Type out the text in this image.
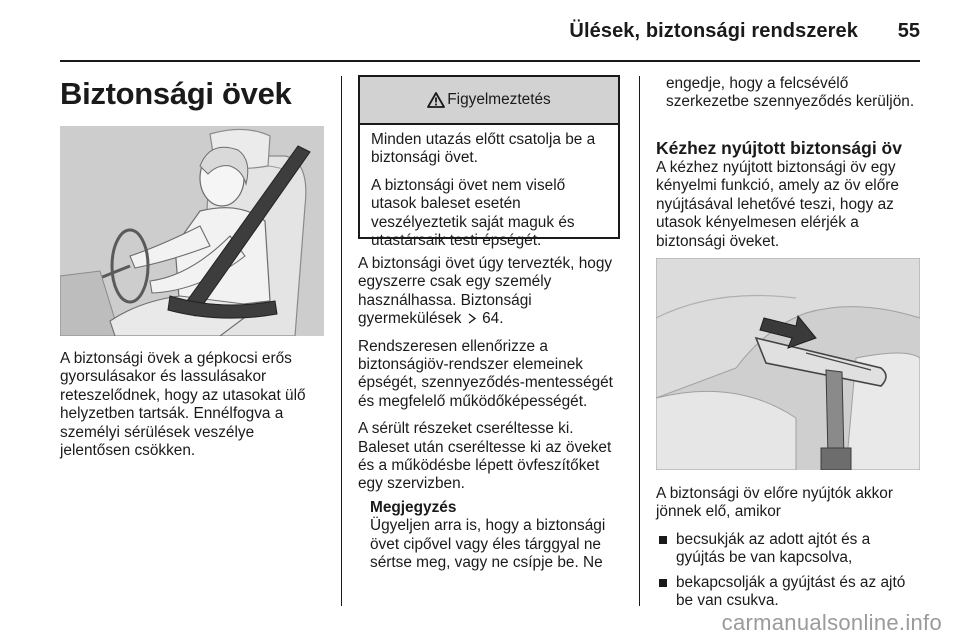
Ülések, biztonsági rendszerek 55
Biztonsági övek

A biztonsági övek a gépkocsi erős gyorsulásakor és lassulásakor reteszelődnek, hogy az utasokat ülő helyzetben tartsák. Ennélfogva a személyi sérülések veszélye jelentősen csökken.

Figyelmeztetés

Minden utazás előtt csatolja be a biztonsági övet.

A biztonsági övet nem viselő utasok baleset esetén veszélyeztetik saját maguk és utastársaik testi épségét.

A biztonsági övet úgy tervezték, hogy egyszerre csak egy személy használhassa. Biztonsági gyermekülések 64.

Rendszeresen ellenőrizze a biztonságiöv-rendszer elemeinek épségét, szennyeződés-mentességét és megfelelő működőképességét.

A sérült részeket cseréltesse ki. Baleset után cseréltesse ki az öveket és a működésbe lépett övfeszítőket egy szervizben.

Megjegyzés

Ügyeljen arra is, hogy a biztonsági övet cipővel vagy éles tárggyal ne sértse meg, vagy ne csípje be. Ne

engedje, hogy a felcsévélő szerkezetbe szennyeződés kerüljön.

Kézhez nyújtott biztonsági öv

A kézhez nyújtott biztonsági öv egy kényelmi funkció, amely az öv előre nyújtásával lehetővé teszi, hogy az utasok kényelmesen elérjék a biztonsági öveket.

A biztonsági öv előre nyújtók akkor jönnek elő, amikor

becsukják az adott ajtót és a gyújtás be van kapcsolva,
bekapcsolják a gyújtást és az ajtó be van csukva.
carmanualsonline.info
